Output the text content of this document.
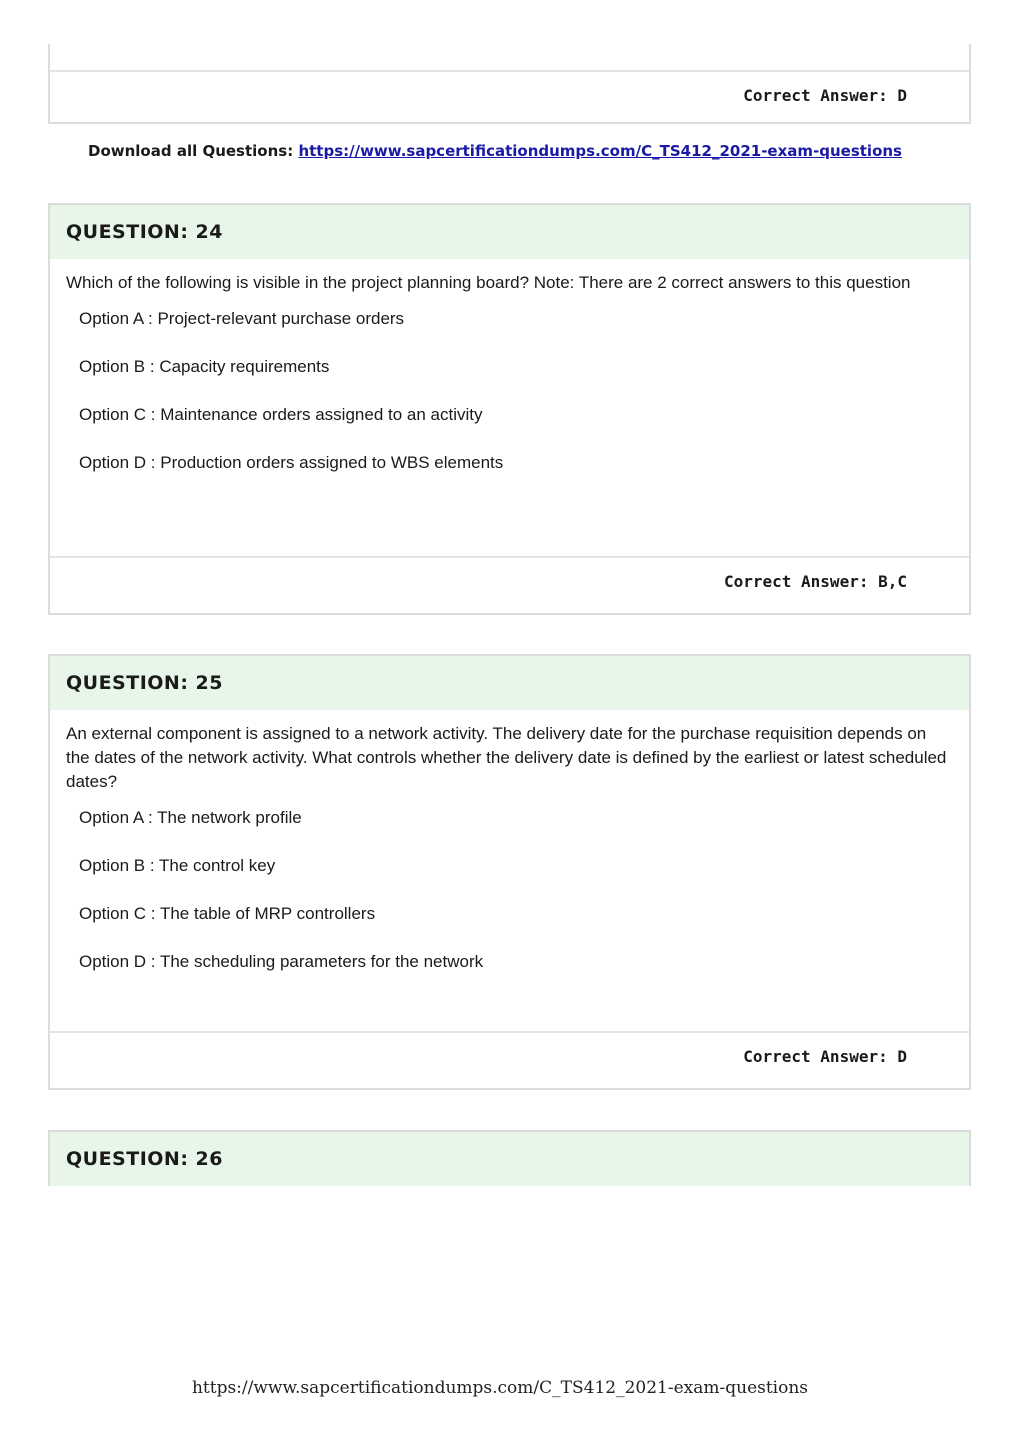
Correct Answer: D
Download all Questions: https://www.sapcertificationdumps.com/C_TS412_2021-exam-questions
QUESTION: 24

Which of the following is visible in the project planning board? Note: There are 2 correct answers to this question

Option A : Project-relevant purchase orders
Option B : Capacity requirements
Option C : Maintenance orders assigned to an activity
Option D : Production orders assigned to WBS elements
Correct Answer: B,C
QUESTION: 25

An external component is assigned to a network activity. The delivery date for the purchase requisition depends on the dates of the network activity. What controls whether the delivery date is defined by the earliest or latest scheduled dates?

Option A : The network profile
Option B : The control key
Option C : The table of MRP controllers
Option D : The scheduling parameters for the network
Correct Answer: D
QUESTION: 26
https://www.sapcertificationdumps.com/C_TS412_2021-exam-questions
